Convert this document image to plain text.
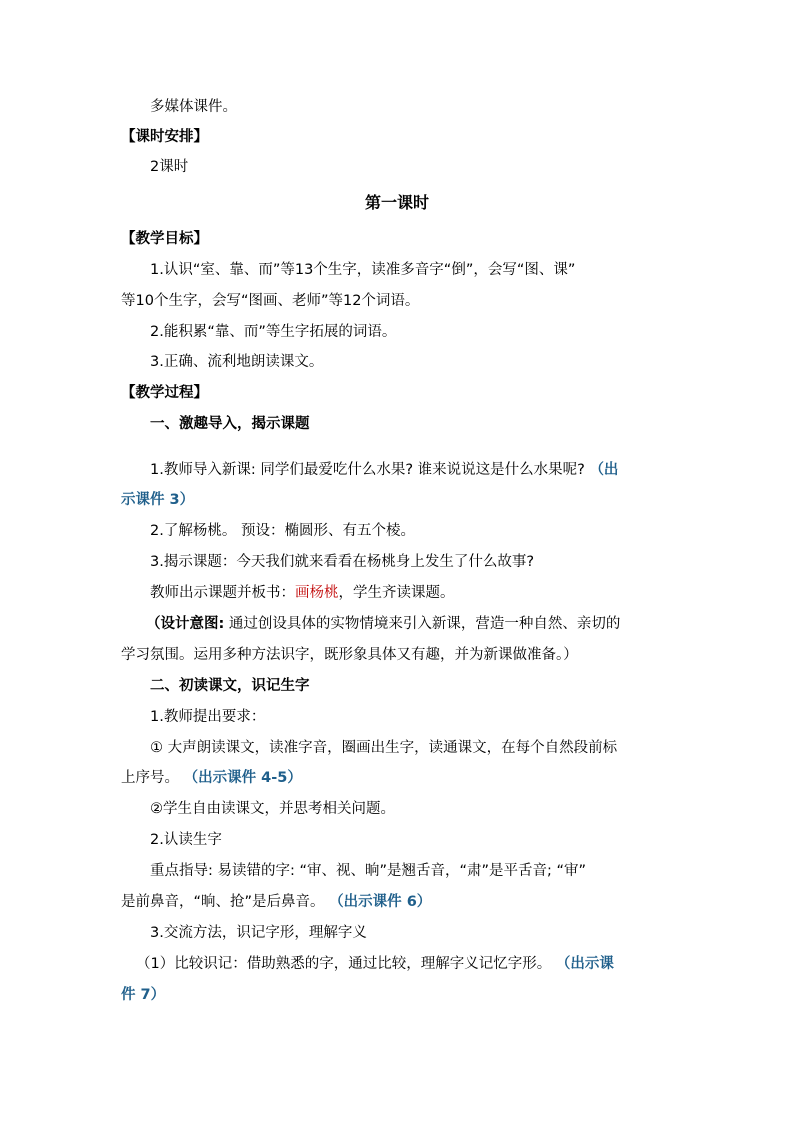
多媒体课件。
【课时安排】
2课时
第一课时
【教学目标】
1.认识“室、靠、而”等13个生字，读准多音字“倒”，会写“图、课”
等10个生字，会写“图画、老师”等12个词语。
2.能积累“靠、而”等生字拓展的词语。
3.正确、流利地朗读课文。
【教学过程】
一、激趣导入，揭示课题
1.教师导入新课: 同学们最爱吃什么水果? 谁来说说这是什么水果呢? （出
示课件 3）
2.了解杨桃。 预设：椭圆形、有五个棱。
3.揭示课题：今天我们就来看看在杨桃身上发生了什么故事?
教师出示课题并板书：画杨桃，学生齐读课题。
（设计意图: 通过创设具体的实物情境来引入新课，营造一种自然、亲切的
学习氛围。运用多种方法识字，既形象具体又有趣，并为新课做准备。）
二、初读课文，识记生字
1.教师提出要求：
① 大声朗读课文，读准字音，圈画出生字，读通课文，在每个自然段前标
上序号。 （出示课件 4-5）
②学生自由读课文，并思考相关问题。
2.认读生字
重点指导: 易读错的字: “审、视、晌”是翘舌音，“肃”是平舌音; “审”
是前鼻音，“晌、抢”是后鼻音。 （出示课件 6）
3.交流方法，识记字形，理解字义
（1）比较识记：借助熟悉的字，通过比较，理解字义记忆字形。 （出示课
件 7）
